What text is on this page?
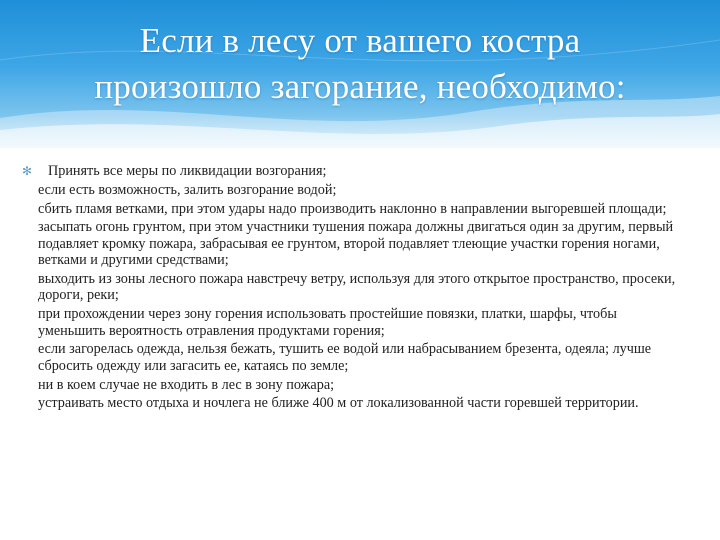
Если в лесу от вашего костра
произошло загорание, необходимо:
✻ Принять все меры по ликвидации возгорания;
если есть возможность, залить возгорание водой;
сбить пламя ветками, при этом удары надо производить наклонно в направлении выгоревшей площади;
засыпать огонь грунтом, при этом участники тушения пожара должны двигаться один за другим, первый подавляет кромку пожара, забрасывая ее грунтом, второй подавляет тлеющие участки горения ногами, ветками и другими средствами;
выходить из зоны лесного пожара навстречу ветру, используя для этого открытое пространство, просеки, дороги, реки;
при прохождении через зону горения использовать простейшие повязки, платки, шарфы, чтобы уменьшить вероятность отравления продуктами горения;
если загорелась одежда, нельзя бежать, тушить ее водой или набрасыванием брезента, одеяла; лучше сбросить одежду или загасить ее, катаясь по земле;
ни в коем случае не входить в лес в зону пожара;
устраивать место отдыха и ночлега не ближе 400 м от локализованной части горевшей территории.
